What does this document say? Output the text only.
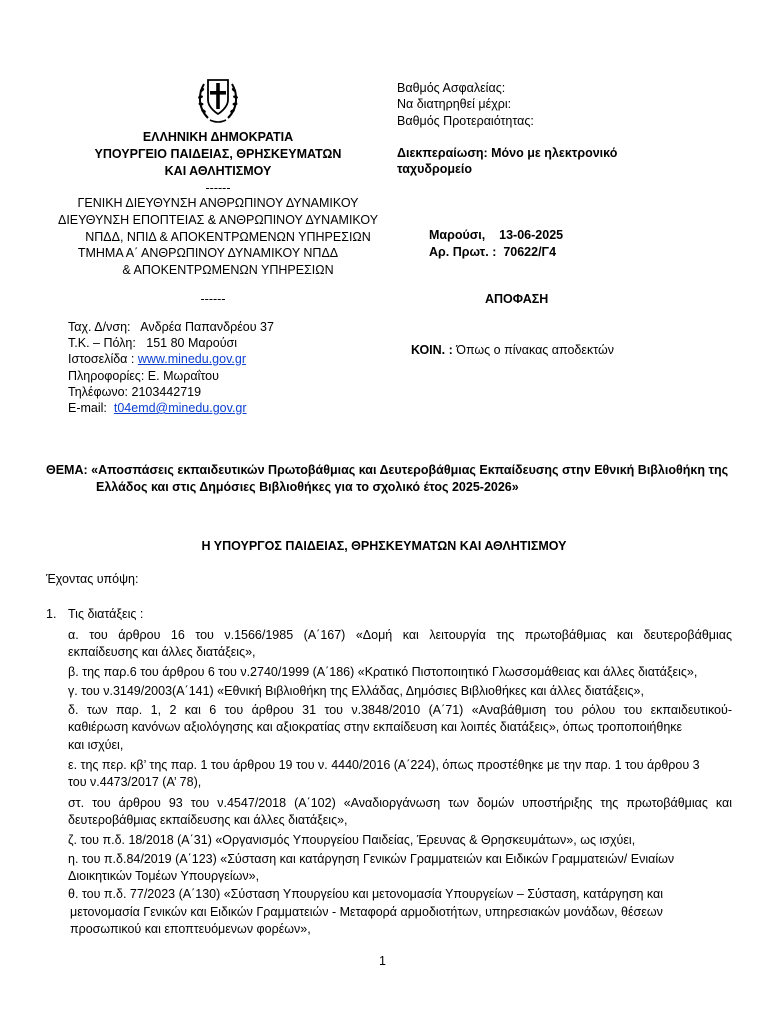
ΕΛΛΗΝΙΚΗ ΔΗΜΟΚΡΑΤΙΑ
ΥΠΟΥΡΓΕΙΟ ΠΑΙΔΕΙΑΣ, ΘΡΗΣΚΕΥΜΑΤΩΝ
ΚΑΙ ΑΘΛΗΤΙΣΜΟΥ
------
ΓΕΝΙΚΗ ΔΙΕΥΘΥΝΣΗ ΑΝΘΡΩΠΙΝΟΥ ΔΥΝΑΜΙΚΟΥ
ΔΙΕΥΘΥΝΣΗ ΕΠΟΠΤΕΙΑΣ & ΑΝΘΡΩΠΙΝΟΥ ΔΥΝΑΜΙΚΟΥ
ΝΠΔΔ, ΝΠΙΔ & ΑΠΟΚΕΝΤΡΩΜΕΝΩΝ ΥΠΗΡΕΣΙΩΝ
ΤΜΗΜΑ Α΄ ΑΝΘΡΩΠΙΝΟΥ ΔΥΝΑΜΙΚΟΥ ΝΠΔΔ
& ΑΠΟΚΕΝΤΡΩΜΕΝΩΝ ΥΠΗΡΕΣΙΩΝ
------
Ταχ. Δ/νση: Ανδρέα Παπανδρέου 37
Τ.Κ. – Πόλη: 151 80 Μαρούσι
Ιστοσελίδα : www.minedu.gov.gr
Πληροφορίες: Ε. Μωραΐτου
Τηλέφωνο: 2103442719
E-mail: t04emd@minedu.gov.gr
Βαθμός Ασφαλείας:
Να διατηρηθεί μέχρι:
Βαθμός Προτεραιότητας:
Διεκπεραίωση: Μόνο με ηλεκτρονικό
ταχυδρομείο
Μαρούσι, 13-06-2025
Αρ. Πρωτ. : 70622/Γ4
ΑΠΟΦΑΣΗ
ΚΟΙΝ. : Όπως ο πίνακας αποδεκτών
ΘΕΜΑ: «Αποσπάσεις εκπαιδευτικών Πρωτοβάθμιας και Δευτεροβάθμιας Εκπαίδευσης στην Εθνική Βιβλιοθήκη της
Ελλάδος και στις Δημόσιες Βιβλιοθήκες για το σχολικό έτος 2025-2026»
Η ΥΠΟΥΡΓΟΣ ΠΑΙΔΕΙΑΣ, ΘΡΗΣΚΕΥΜΑΤΩΝ ΚΑΙ ΑΘΛΗΤΙΣΜΟΥ
Έχοντας υπόψη:
1. Τις διατάξεις :
α. του άρθρου 16 του ν.1566/1985 (Α΄167) «Δομή και λειτουργία της πρωτοβάθμιας και δευτεροβάθμιας
εκπαίδευσης και άλλες διατάξεις»,
β. της παρ.6 του άρθρου 6 του ν.2740/1999 (Α΄186) «Κρατικό Πιστοποιητικό Γλωσσομάθειας και άλλες διατάξεις»,
γ. του ν.3149/2003(Α΄141) «Εθνική Βιβλιοθήκη της Ελλάδας, Δημόσιες Βιβλιοθήκες και άλλες διατάξεις»,
δ. των παρ. 1, 2 και 6 του άρθρου 31 του ν.3848/2010 (Α΄71) «Αναβάθμιση του ρόλου του εκπαιδευτικού-
καθιέρωση κανόνων αξιολόγησης και αξιοκρατίας στην εκπαίδευση και λοιπές διατάξεις», όπως τροποποιήθηκε
και ισχύει,
ε. της περ. κβ’ της παρ. 1 του άρθρου 19 του ν. 4440/2016 (Α΄224), όπως προστέθηκε με την παρ. 1 του άρθρου 3
του ν.4473/2017 (Α’ 78),
στ. του άρθρου 93 του ν.4547/2018 (Α΄102) «Αναδιοργάνωση των δομών υποστήριξης της πρωτοβάθμιας και
δευτεροβάθμιας εκπαίδευσης και άλλες διατάξεις»,
ζ. του π.δ. 18/2018 (Α΄31) «Οργανισμός Υπουργείου Παιδείας, Έρευνας & Θρησκευμάτων», ως ισχύει,
η. του π.δ.84/2019 (Α΄123) «Σύσταση και κατάργηση Γενικών Γραμματειών και Ειδικών Γραμματειών/ Ενιαίων
Διοικητικών Τομέων Υπουργείων»,
θ. του π.δ. 77/2023 (Α΄130) «Σύσταση Υπουργείου και μετονομασία Υπουργείων – Σύσταση, κατάργηση και
μετονομασία Γενικών και Ειδικών Γραμματειών - Μεταφορά αρμοδιοτήτων, υπηρεσιακών μονάδων, θέσεων
προσωπικού και εποπτευόμενων φορέων»,
1
